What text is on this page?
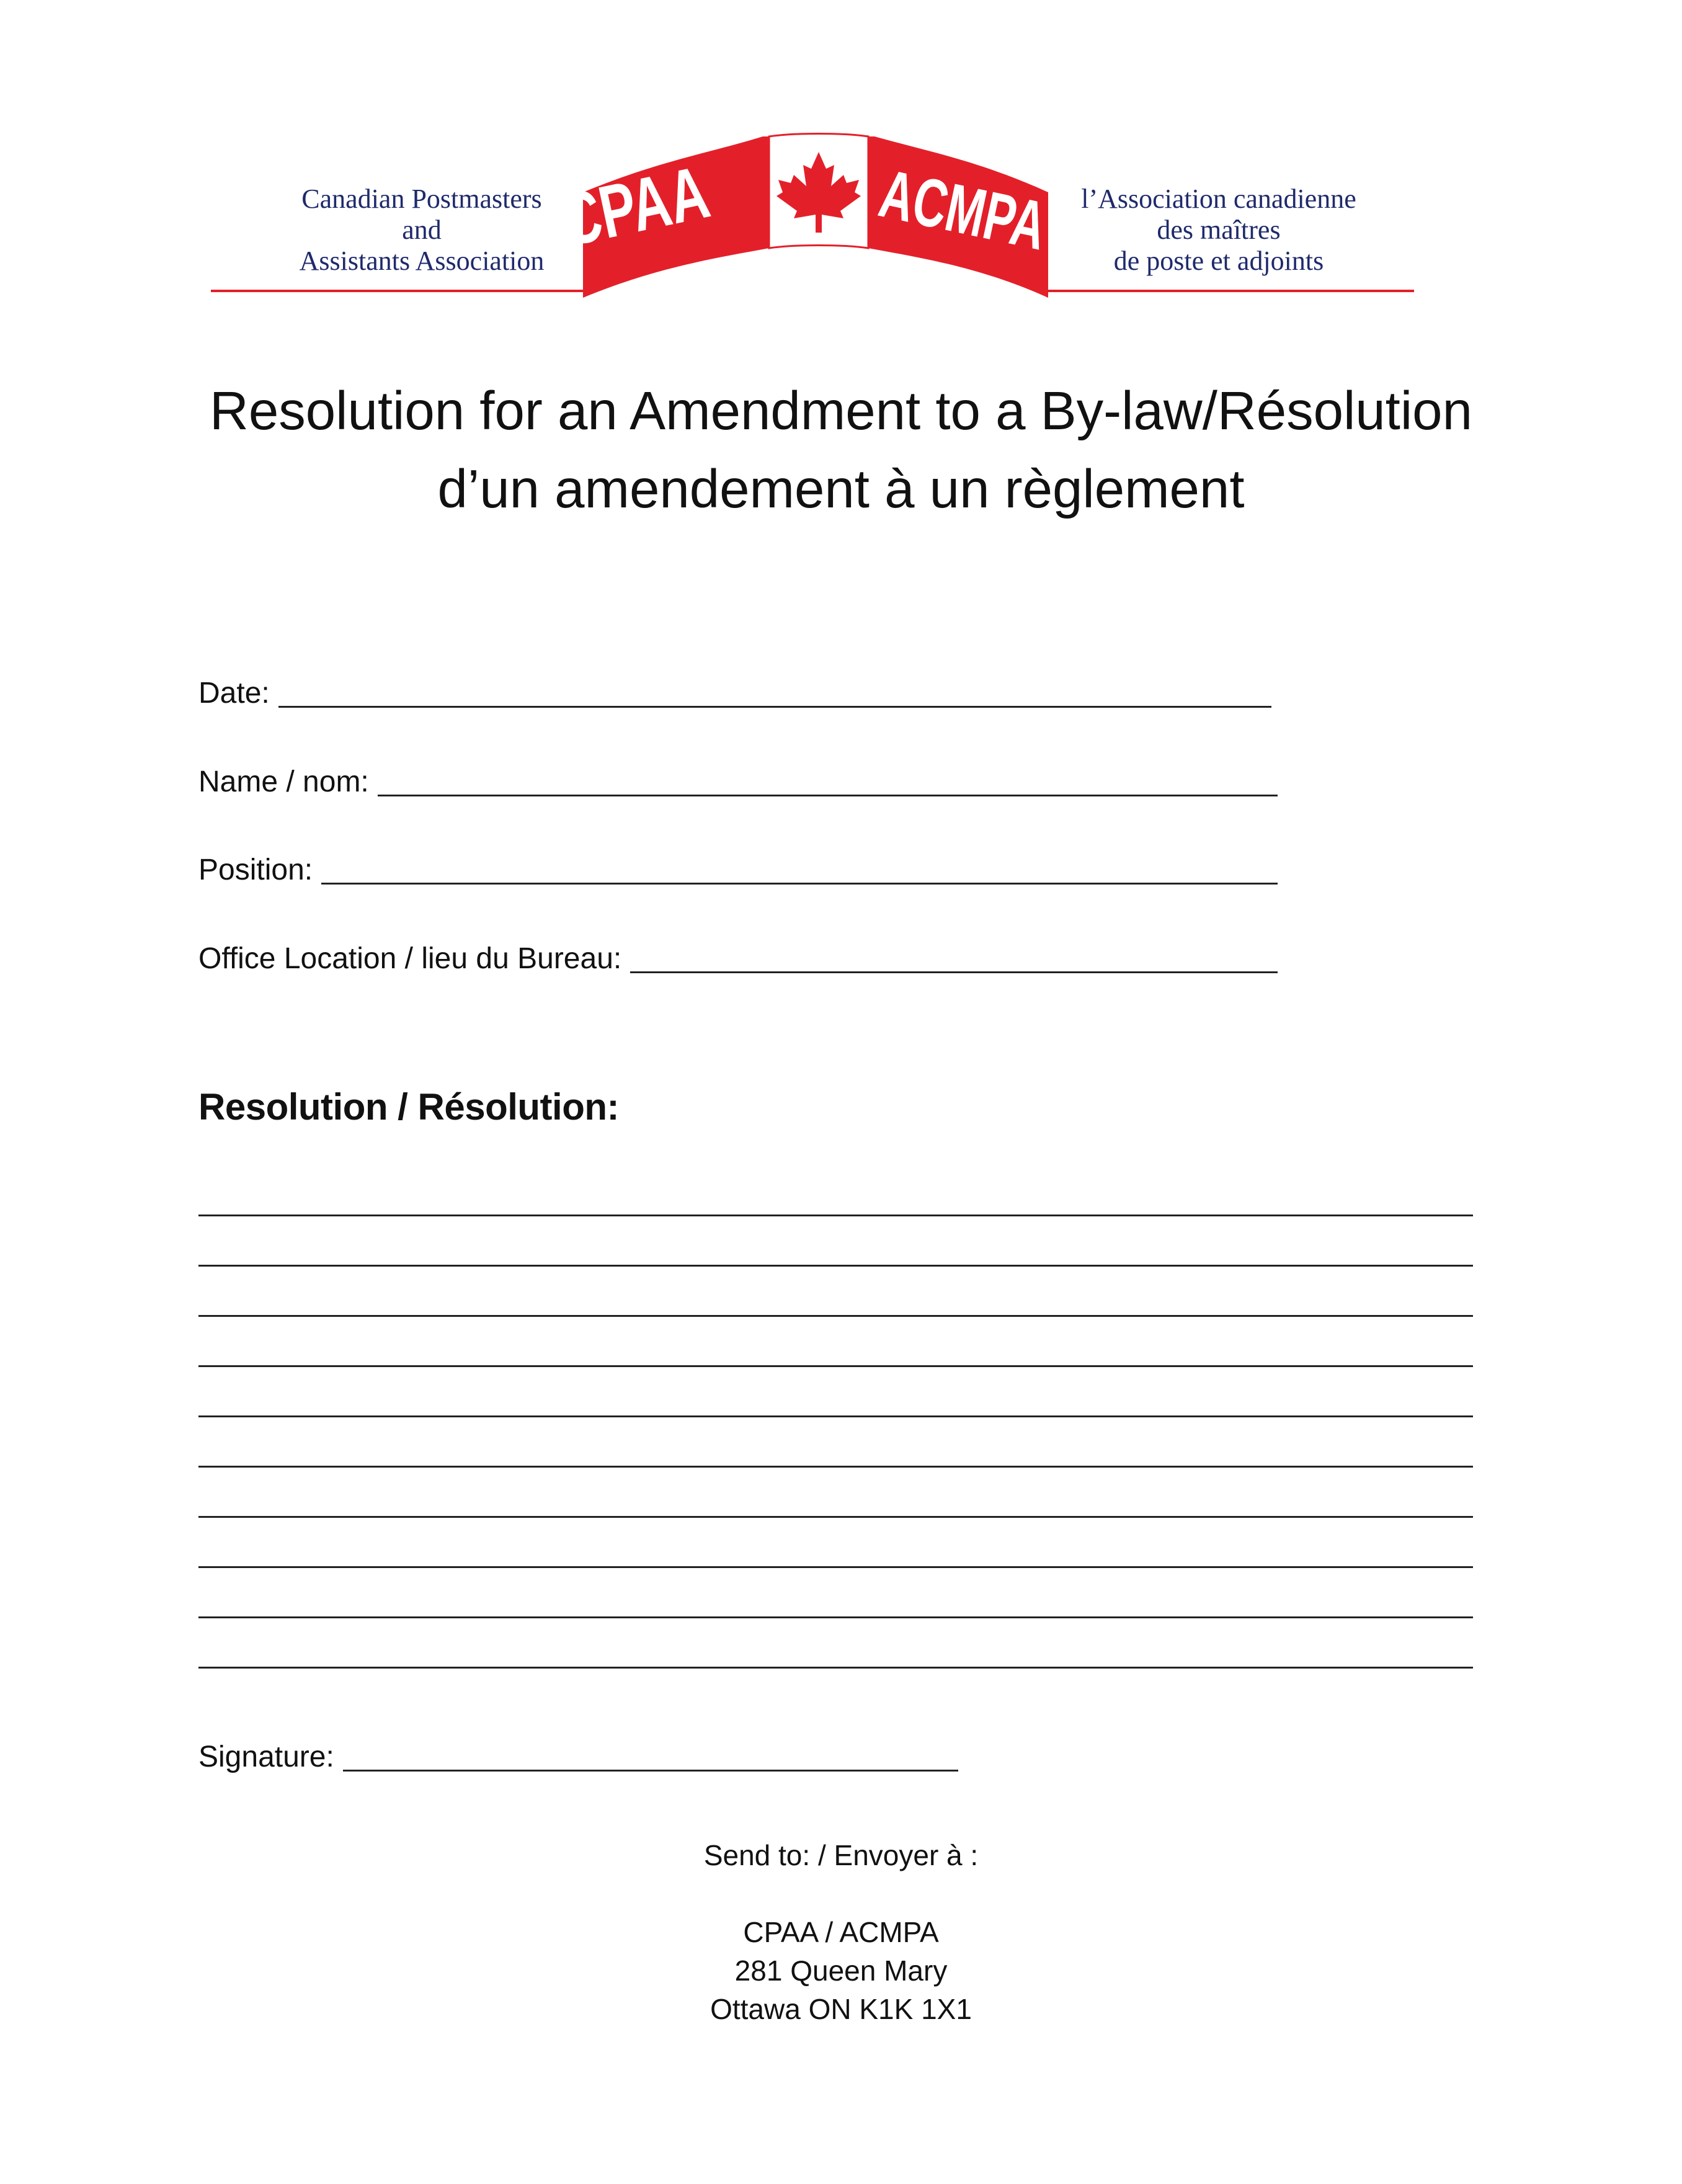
Canadian Postmasters
and
Assistants Association CPAA ACMPA
l’Association canadienne
des maîtres
de poste et adjoints
Resolution for an Amendment to a By-law/Résolution
d’un amendement à un règlement
Date:
Name / nom:
Position:
Office Location / lieu du Bureau:
Resolution / Résolution:
Signature:
Send to: / Envoyer à :
CPAA / ACMPA
281 Queen Mary
Ottawa ON K1K 1X1
